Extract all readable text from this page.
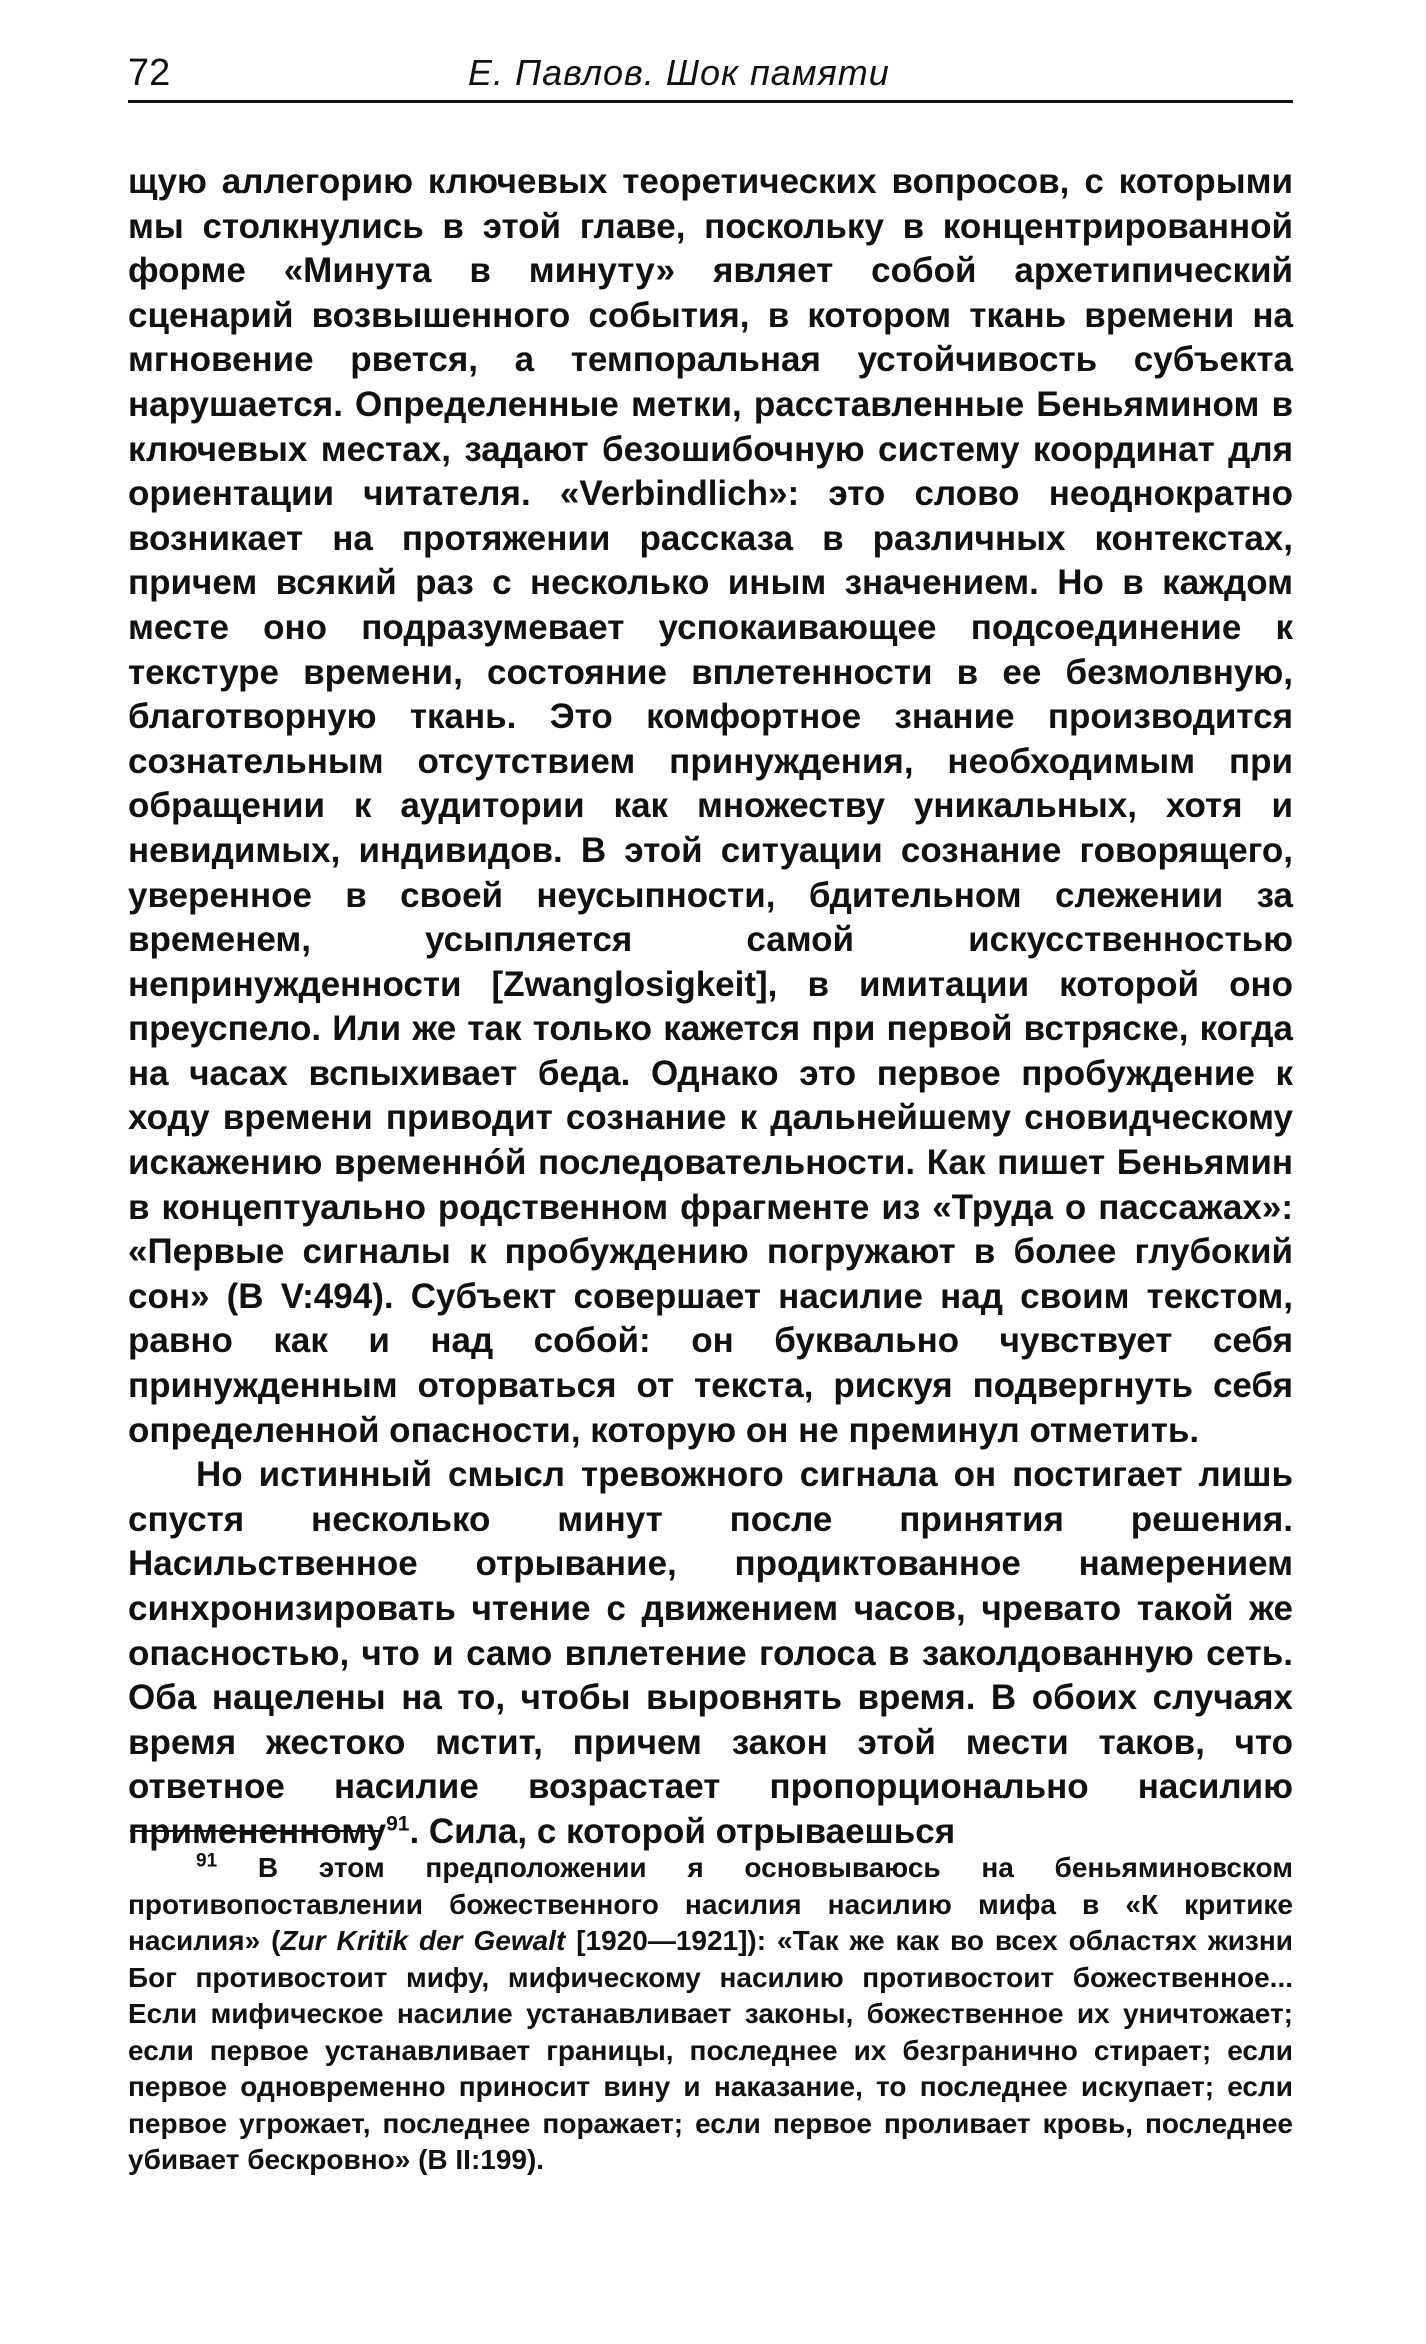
72	Е. Павлов. Шок памяти

щую аллегорию ключевых теоретических вопросов, с которыми мы столкнулись в этой главе, поскольку в концентрированной форме «Минута в минуту» являет собой архетипический сценарий возвышенного события, в котором ткань времени на мгновение рвется, а темпоральная устойчивость субъекта нарушается. Определенные метки, расставленные Беньямином в ключевых местах, задают безошибочную систему координат для ориентации читателя. «Verbindlich»: это слово неоднократно возникает на протяжении рассказа в различных контекстах, причем всякий раз с несколько иным значением. Но в каждом месте оно подразумевает успокаивающее подсоединение к текстуре времени, состояние вплетенности в ее безмолвную, благотворную ткань. Это комфортное знание производится сознательным отсутствием принуждения, необходимым при обращении к аудитории как множеству уникальных, хотя и невидимых, индивидов. В этой ситуации сознание говорящего, уверенное в своей неусыпности, бдительном слежении за временем, усыпляется самой искусственностью непринужденности [Zwanglosigkeit], в имитации которой оно преуспело. Или же так только кажется при первой встряске, когда на часах вспыхивает беда. Однако это первое пробуждение к ходу времени приводит сознание к дальнейшему сновидческому искажению временнóй последовательности. Как пишет Беньямин в концептуально родственном фрагменте из «Труда о пассажах»: «Первые сигналы к пробуждению погружают в более глубокий сон» (B V:494). Субъект совершает насилие над своим текстом, равно как и над собой: он буквально чувствует себя принужденным оторваться от текста, рискуя подвергнуть себя определенной опасности, которую он не преминул отметить.

Но истинный смысл тревожного сигнала он постигает лишь спустя несколько минут после принятия решения. Насильственное отрывание, продиктованное намерением синхронизировать чтение с движением часов, чревато такой же опасностью, что и само вплетение голоса в заколдованную сеть. Оба нацелены на то, чтобы выровнять время. В обоих случаях время жестоко мстит, причем закон этой мести таков, что ответное насилие возрастает пропорционально насилию примененному$^{91}$. Сила, с которой отрываешься

$^{91}$ В этом предположении я основываюсь на беньяминовском противопоставлении божественного насилия насилию мифа в «К критике насилия» (Zur Kritik der Gewalt [1920—1921]): «Так же как во всех областях жизни Бог противостоит мифу, мифическому насилию противостоит божественное... Если мифическое насилие устанавливает законы, божественное их уничтожает; если первое устанавливает границы, последнее их безгранично стирает; если первое одновременно приносит вину и наказание, то последнее искупает; если первое угрожает, последнее поражает; если первое проливает кровь, последнее убивает бескровно» (B II:199).
